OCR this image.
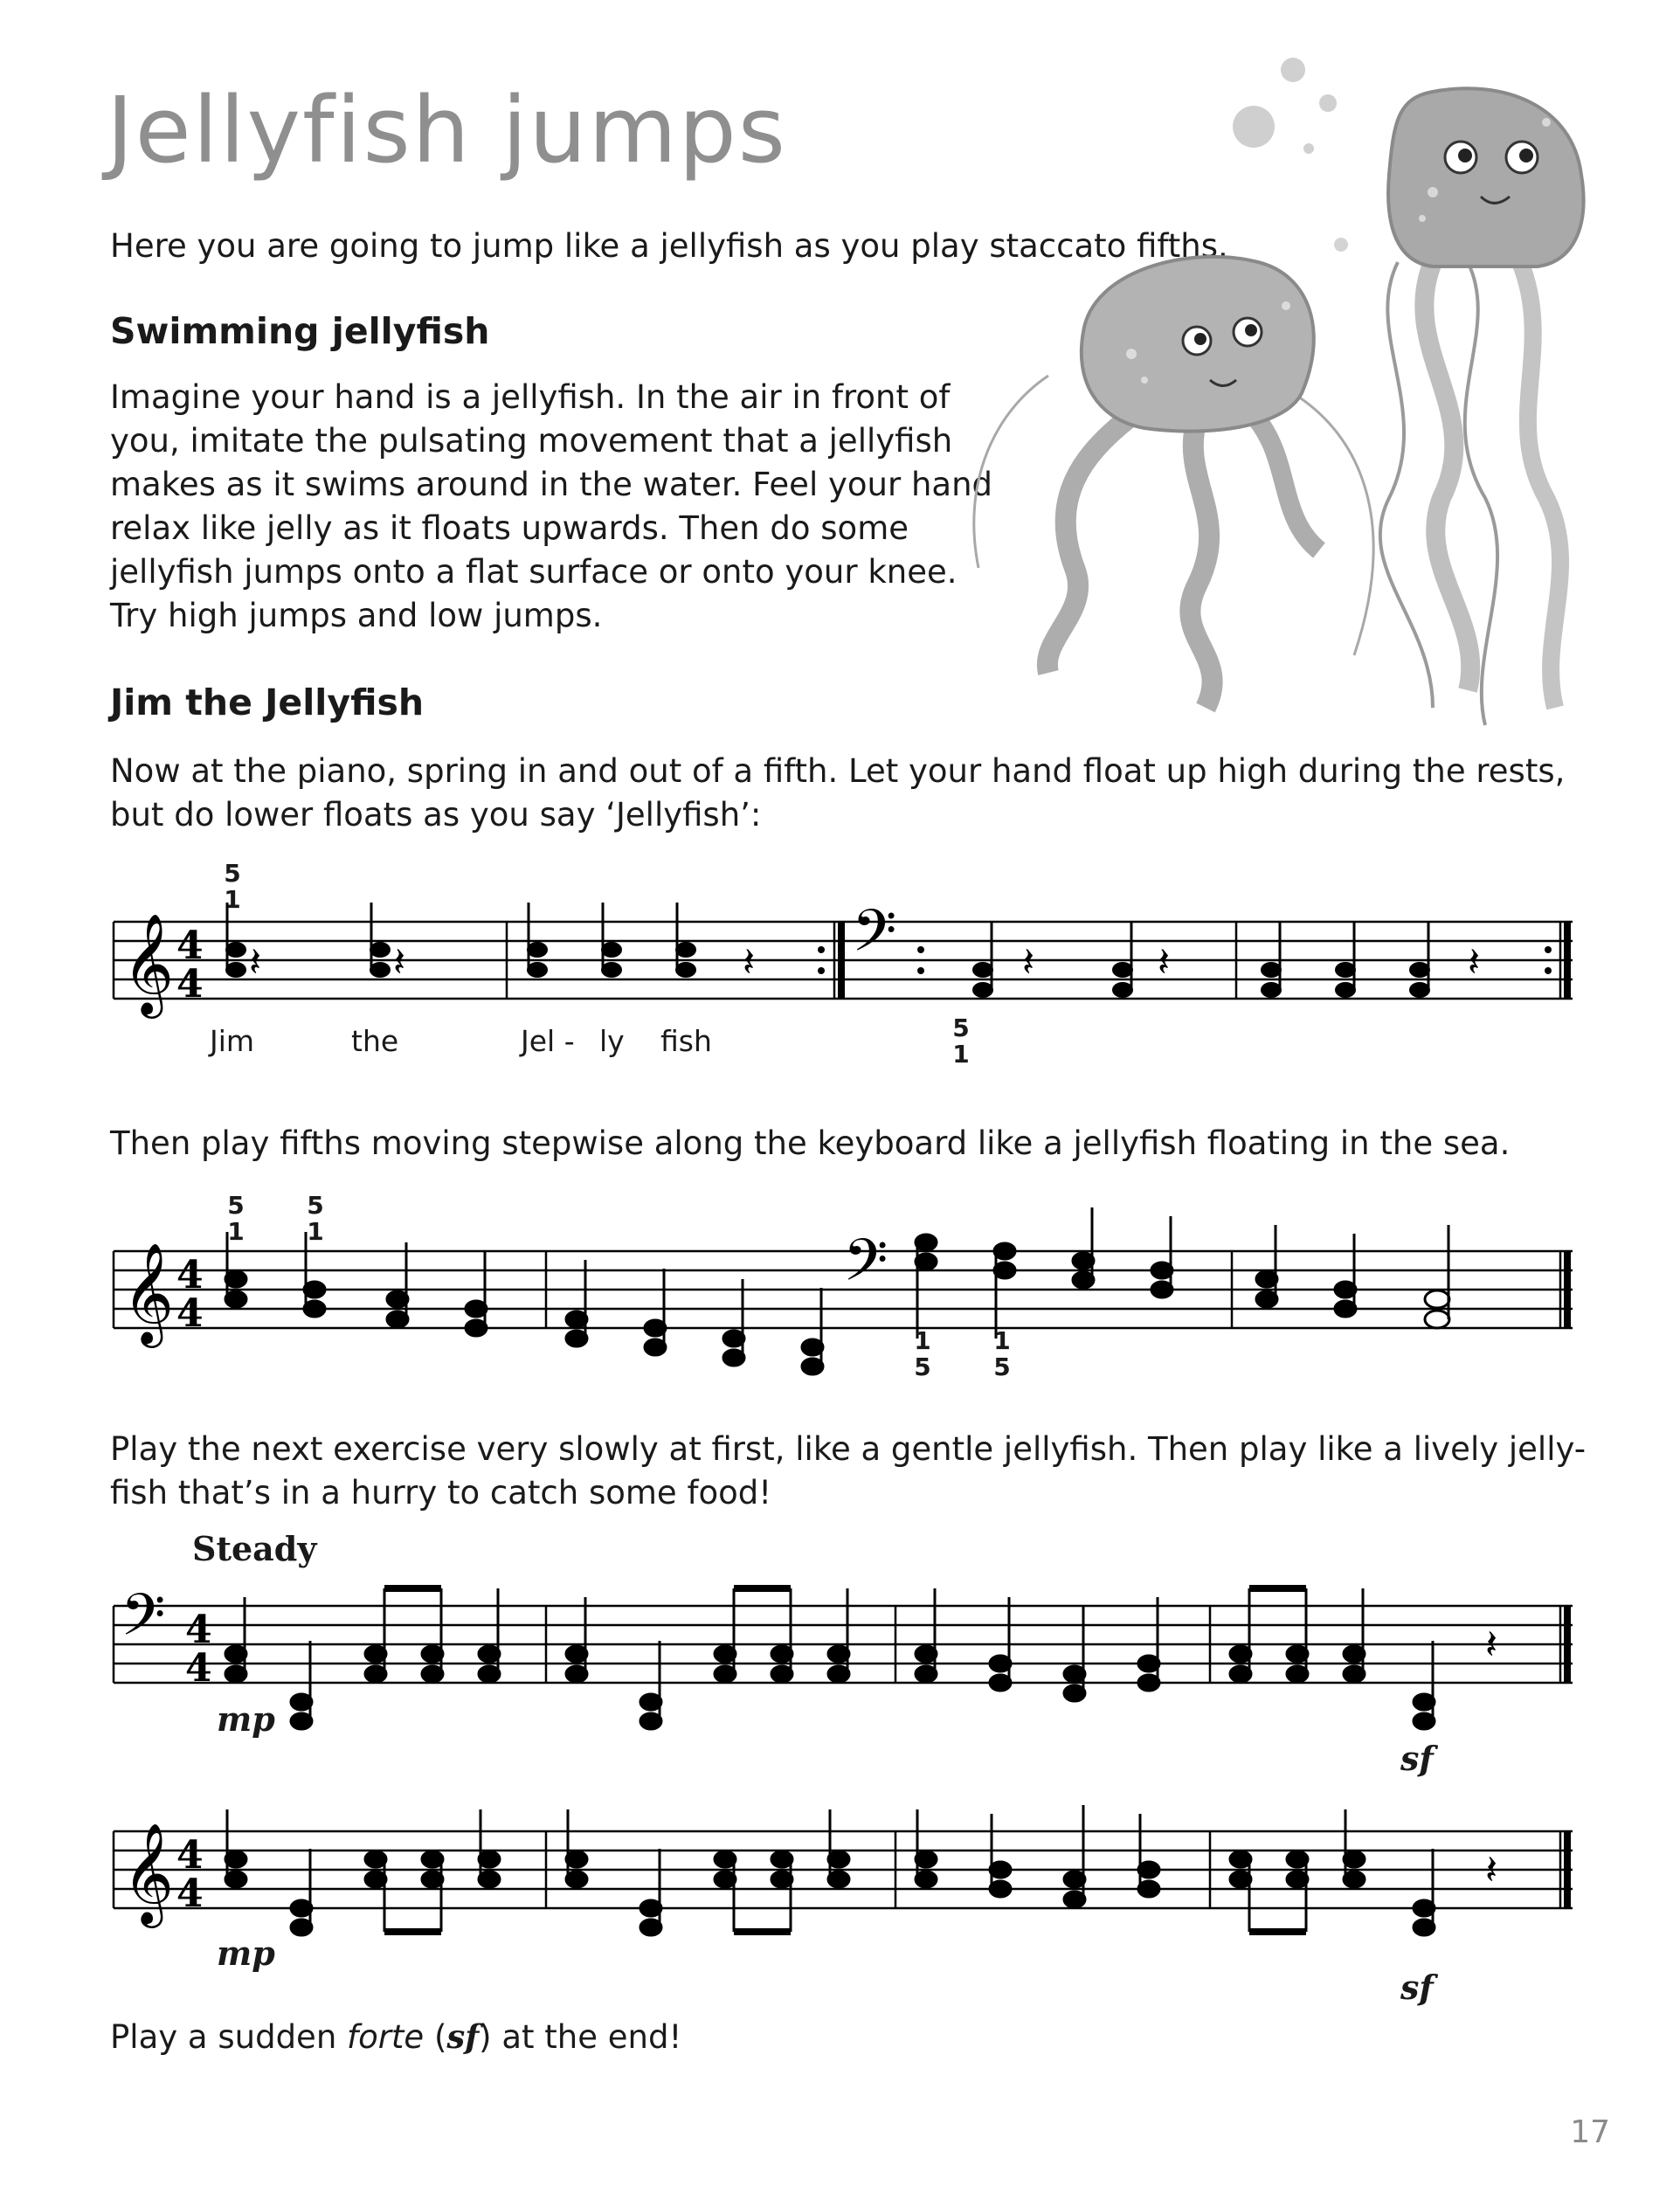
Jellyfish jumps
Here you are going to jump like a jellyfish as you play staccato fifths.
Swimming jellyfish
Imagine your hand is a jellyfish. In the air in front of
you, imitate the pulsating movement that a jellyfish
makes as it swims around in the water. Feel your hand
relax like jelly as it floats upwards. Then do some
jellyfish jumps onto a flat surface or onto your knee.
Try high jumps and low jumps.
Jim the Jellyfish
Now at the piano, spring in and out of a fifth. Let your hand float up high during the rests,
but do lower floats as you say ‘Jellyfish’:
5
1
𝄞 4
4 𝄽	𝄽	𝄽 𝄢	𝄽	𝄽	𝄽
Jim	the	Jel - ly fish	5
1
Then play fifths moving stepwise along the keyboard like a jellyfish floating in the sea.
5
1
5
1
𝄞 4
4
𝄢
1
5
1
5
Play the next exercise very slowly at first, like a gentle jellyfish. Then play like a lively jelly-
fish that’s in a hurry to catch some food!
Steady
𝄢 4
4
𝄽
mp
sf
𝄞 4
4
𝄽
mp
sf
Play a sudden forte (sf) at the end!
17
